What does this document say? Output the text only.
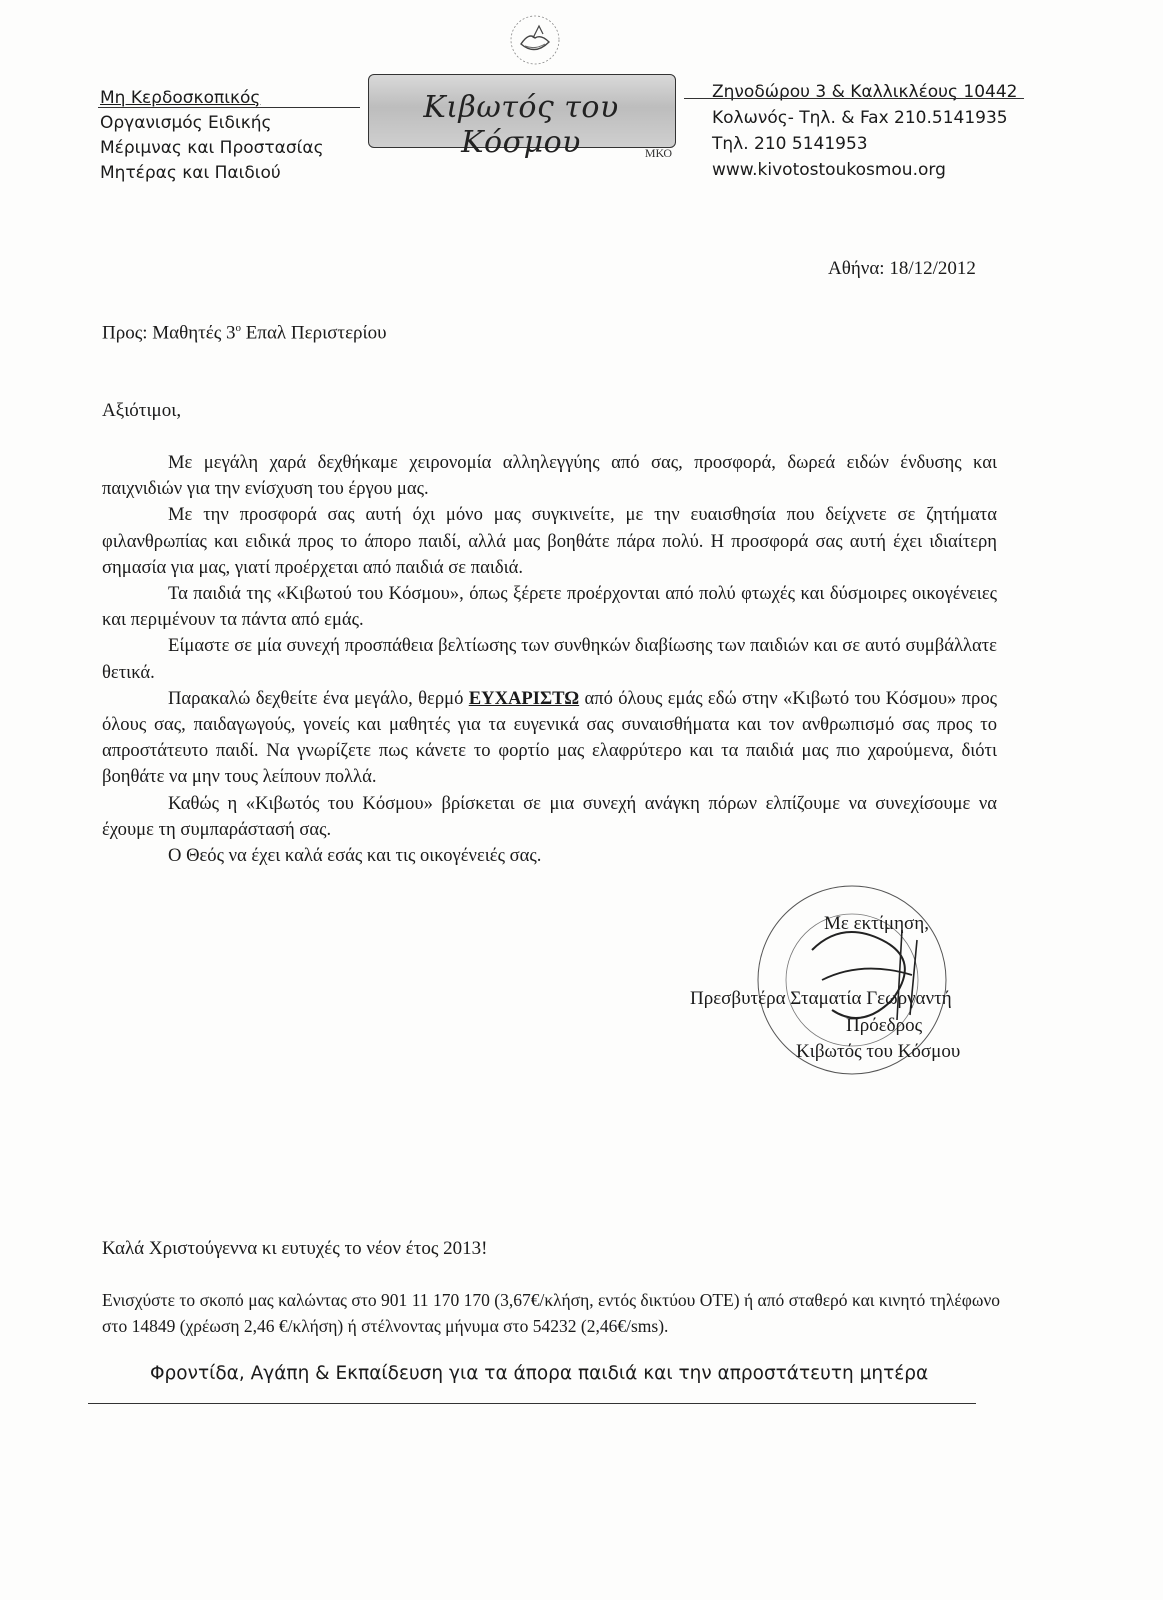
Μη Κερδοσκοπικός
Οργανισμός Ειδικής
Μέριμνας και Προστασίας
Μητέρας και Παιδιού
Κιβωτός του Κόσμου	ΜΚΟ
Ζηνοδώρου 3 & Καλλικλέους 10442
Κολωνός- Τηλ. & Fax 210.5141935
Τηλ. 210 5141953
www.kivotostoukosmou.org
Αθήνα: 18/12/2012
Προς: Μαθητές $3^o$ Επαλ Περιστερίου
Αξιότιμοι,

Με μεγάλη χαρά δεχθήκαμε χειρονομία αλληλεγγύης από σας, προσφορά, δωρεά ειδών ένδυσης και παιχνιδιών για την ενίσχυση του έργου μας.

Με την προσφορά σας αυτή όχι μόνο μας συγκινείτε, με την ευαισθησία που δείχνετε σε ζητήματα φιλανθρωπίας και ειδικά προς το άπορο παιδί, αλλά μας βοηθάτε πάρα πολύ. Η προσφορά σας αυτή έχει ιδιαίτερη σημασία για μας, γιατί προέρχεται από παιδιά σε παιδιά.

Τα παιδιά της «Κιβωτού του Κόσμου», όπως ξέρετε προέρχονται από πολύ φτωχές και δύσμοιρες οικογένειες και περιμένουν τα πάντα από εμάς.

Είμαστε σε μία συνεχή προσπάθεια βελτίωσης των συνθηκών διαβίωσης των παιδιών και σε αυτό συμβάλλατε θετικά.

Παρακαλώ δεχθείτε ένα μεγάλο, θερμό ΕΥΧΑΡΙΣΤΩ από όλους εμάς εδώ στην «Κιβωτό του Κόσμου» προς όλους σας, παιδαγωγούς, γονείς και μαθητές για τα ευγενικά σας συναισθήματα και τον ανθρωπισμό σας προς το απροστάτευτο παιδί. Να γνωρίζετε πως κάνετε το φορτίο μας ελαφρύτερο και τα παιδιά μας πιο χαρούμενα, διότι βοηθάτε να μην τους λείπουν πολλά.

Καθώς η «Κιβωτός του Κόσμου» βρίσκεται σε μια συνεχή ανάγκη πόρων ελπίζουμε να συνεχίσουμε να έχουμε τη συμπαράστασή σας.

Ο Θεός να έχει καλά εσάς και τις οικογένειές σας.

Με εκτίμηση,
Πρεσβυτέρα Σταματία Γεωργαντή
Πρόεδρος
Κιβωτός του Κόσμου
Καλά Χριστούγεννα κι ευτυχές το νέον έτος 2013!
Ενισχύστε το σκοπό μας καλώντας στο 901 11 170 170 (3,67€/κλήση, εντός δικτύου ΟΤΕ) ή από σταθερό και κινητό τηλέφωνο στο 14849 (χρέωση 2,46 €/κλήση) ή στέλνοντας μήνυμα στο 54232 (2,46€/sms).
Φροντίδα, Αγάπη & Εκπαίδευση για τα άπορα παιδιά και την απροστάτευτη μητέρα
